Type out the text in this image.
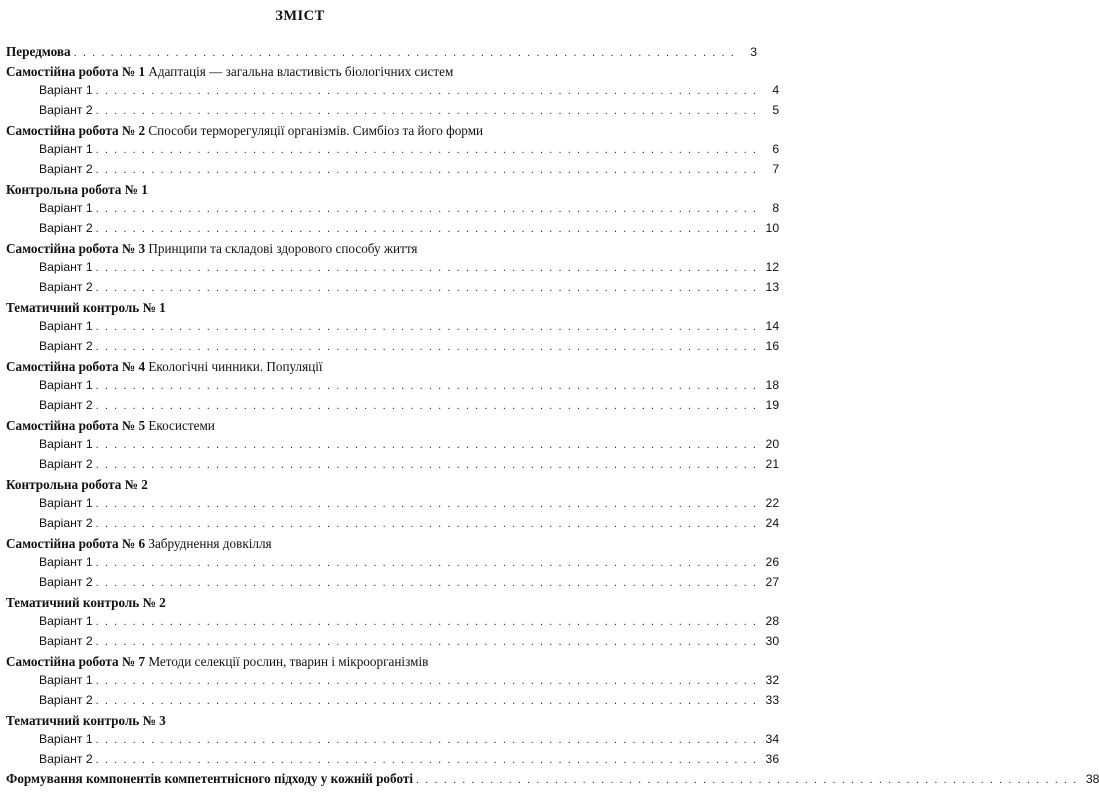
ЗМІСТ
Передмова ........................................................................ 3
Самостійна робота № 1 Адаптація — загальна властивість біологічних систем
Варіант 1 ........................................................................ 4
Варіант 2 ........................................................................ 5
Самостійна робота № 2 Способи терморегуляції організмів. Симбіоз та його форми
Варіант 1 ........................................................................ 6
Варіант 2 ........................................................................ 7
Контрольна робота № 1
Варіант 1 ........................................................................ 8
Варіант 2 ........................................................................ 10
Самостійна робота № 3 Принципи та складові здорового способу життя
Варіант 1 ........................................................................ 12
Варіант 2 ........................................................................ 13
Тематичний контроль № 1
Варіант 1 ........................................................................ 14
Варіант 2 ........................................................................ 16
Самостійна робота № 4 Екологічні чинники. Популяції
Варіант 1 ........................................................................ 18
Варіант 2 ........................................................................ 19
Самостійна робота № 5 Екосистеми
Варіант 1 ........................................................................ 20
Варіант 2 ........................................................................ 21
Контрольна робота № 2
Варіант 1 ........................................................................ 22
Варіант 2 ........................................................................ 24
Самостійна робота № 6 Забруднення довкілля
Варіант 1 ........................................................................ 26
Варіант 2 ........................................................................ 27
Тематичний контроль № 2
Варіант 1 ........................................................................ 28
Варіант 2 ........................................................................ 30
Самостійна робота № 7 Методи селекції рослин, тварин і мікроорганізмів
Варіант 1 ........................................................................ 32
Варіант 2 ........................................................................ 33
Тематичний контроль № 3
Варіант 1 ........................................................................ 34
Варіант 2 ........................................................................ 36
Формування компонентів компетентнісного підходу у кожній роботі ........................................................................ 38
